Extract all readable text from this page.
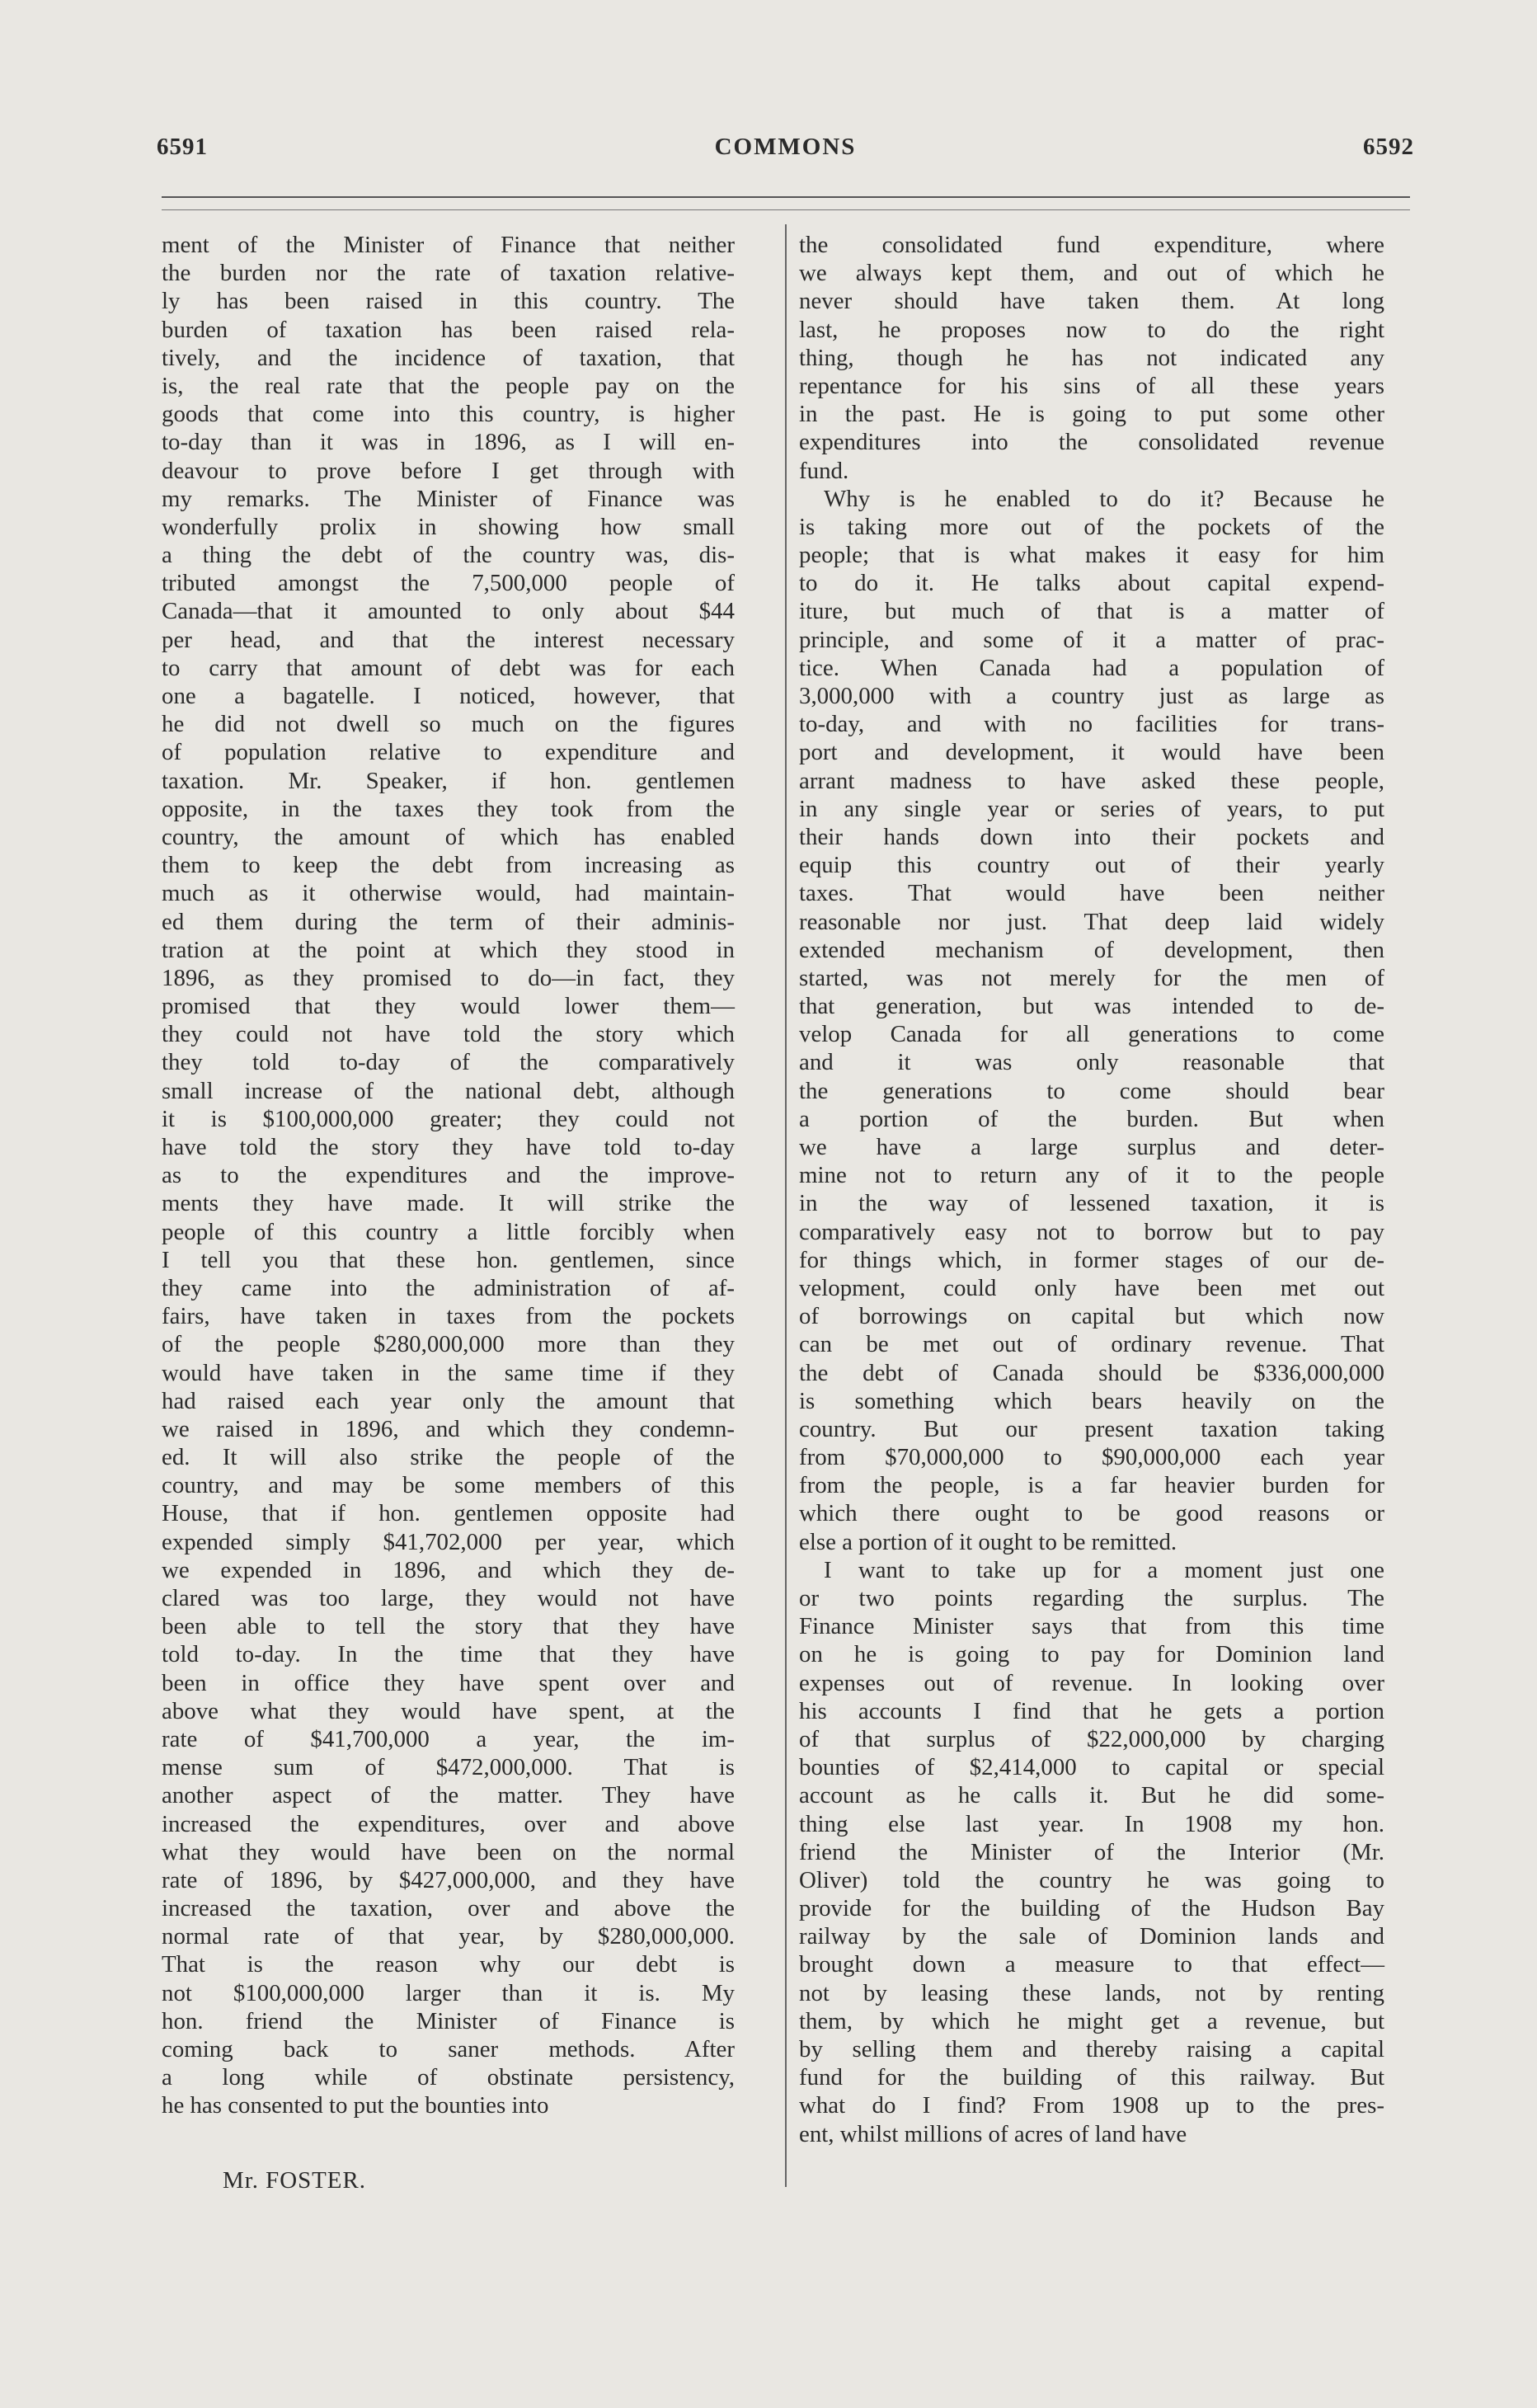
6591	COMMONS	6592
ment of the Minister of Finance that neither
the burden nor the rate of taxation relative-
ly has been raised in this country. The
burden of taxation has been raised rela-
tively, and the incidence of taxation, that
is, the real rate that the people pay on the
goods that come into this country, is higher
to-day than it was in 1896, as I will en-
deavour to prove before I get through with
my remarks. The Minister of Finance was
wonderfully prolix in showing how small
a thing the debt of the country was, dis-
tributed amongst the 7,500,000 people of
Canada—that it amounted to only about $44
per head, and that the interest necessary
to carry that amount of debt was for each
one a bagatelle. I noticed, however, that
he did not dwell so much on the figures
of population relative to expenditure and
taxation. Mr. Speaker, if hon. gentlemen
opposite, in the taxes they took from the
country, the amount of which has enabled
them to keep the debt from increasing as
much as it otherwise would, had maintain-
ed them during the term of their adminis-
tration at the point at which they stood in
1896, as they promised to do—in fact, they
promised that they would lower them—
they could not have told the story which
they told to-day of the comparatively
small increase of the national debt, although
it is $100,000,000 greater; they could not
have told the story they have told to-day
as to the expenditures and the improve-
ments they have made. It will strike the
people of this country a little forcibly when
I tell you that these hon. gentlemen, since
they came into the administration of af-
fairs, have taken in taxes from the pockets
of the people $280,000,000 more than they
would have taken in the same time if they
had raised each year only the amount that
we raised in 1896, and which they condemn-
ed. It will also strike the people of the
country, and may be some members of this
House, that if hon. gentlemen opposite had
expended simply $41,702,000 per year, which
we expended in 1896, and which they de-
clared was too large, they would not have
been able to tell the story that they have
told to-day. In the time that they have
been in office they have spent over and
above what they would have spent, at the
rate of $41,700,000 a year, the im-
mense sum of $472,000,000. That is
another aspect of the matter. They have
increased the expenditures, over and above
what they would have been on the normal
rate of 1896, by $427,000,000, and they have
increased the taxation, over and above the
normal rate of that year, by $280,000,000.
That is the reason why our debt is
not $100,000,000 larger than it is. My
hon. friend the Minister of Finance is
coming back to saner methods. After
a long while of obstinate persistency,
he has consented to put the bounties into
the consolidated fund expenditure, where
we always kept them, and out of which he
never should have taken them. At long
last, he proposes now to do the right
thing, though he has not indicated any
repentance for his sins of all these years
in the past. He is going to put some other
expenditures into the consolidated revenue
fund.
Why is he enabled to do it? Because he
is taking more out of the pockets of the
people; that is what makes it easy for him
to do it. He talks about capital expend-
iture, but much of that is a matter of
principle, and some of it a matter of prac-
tice. When Canada had a population of
3,000,000 with a country just as large as
to-day, and with no facilities for trans-
port and development, it would have been
arrant madness to have asked these people,
in any single year or series of years, to put
their hands down into their pockets and
equip this country out of their yearly
taxes. That would have been neither
reasonable nor just. That deep laid widely
extended mechanism of development, then
started, was not merely for the men of
that generation, but was intended to de-
velop Canada for all generations to come
and it was only reasonable that
the generations to come should bear
a portion of the burden. But when
we have a large surplus and deter-
mine not to return any of it to the people
in the way of lessened taxation, it is
comparatively easy not to borrow but to pay
for things which, in former stages of our de-
velopment, could only have been met out
of borrowings on capital but which now
can be met out of ordinary revenue. That
the debt of Canada should be $336,000,000
is something which bears heavily on the
country. But our present taxation taking
from $70,000,000 to $90,000,000 each year
from the people, is a far heavier burden for
which there ought to be good reasons or
else a portion of it ought to be remitted.
I want to take up for a moment just one
or two points regarding the surplus. The
Finance Minister says that from this time
on he is going to pay for Dominion land
expenses out of revenue. In looking over
his accounts I find that he gets a portion
of that surplus of $22,000,000 by charging
bounties of $2,414,000 to capital or special
account as he calls it. But he did some-
thing else last year. In 1908 my hon.
friend the Minister of the Interior (Mr.
Oliver) told the country he was going to
provide for the building of the Hudson Bay
railway by the sale of Dominion lands and
brought down a measure to that effect—
not by leasing these lands, not by renting
them, by which he might get a revenue, but
by selling them and thereby raising a capital
fund for the building of this railway. But
what do I find? From 1908 up to the pres-
ent, whilst millions of acres of land have
Mr. FOSTER.
